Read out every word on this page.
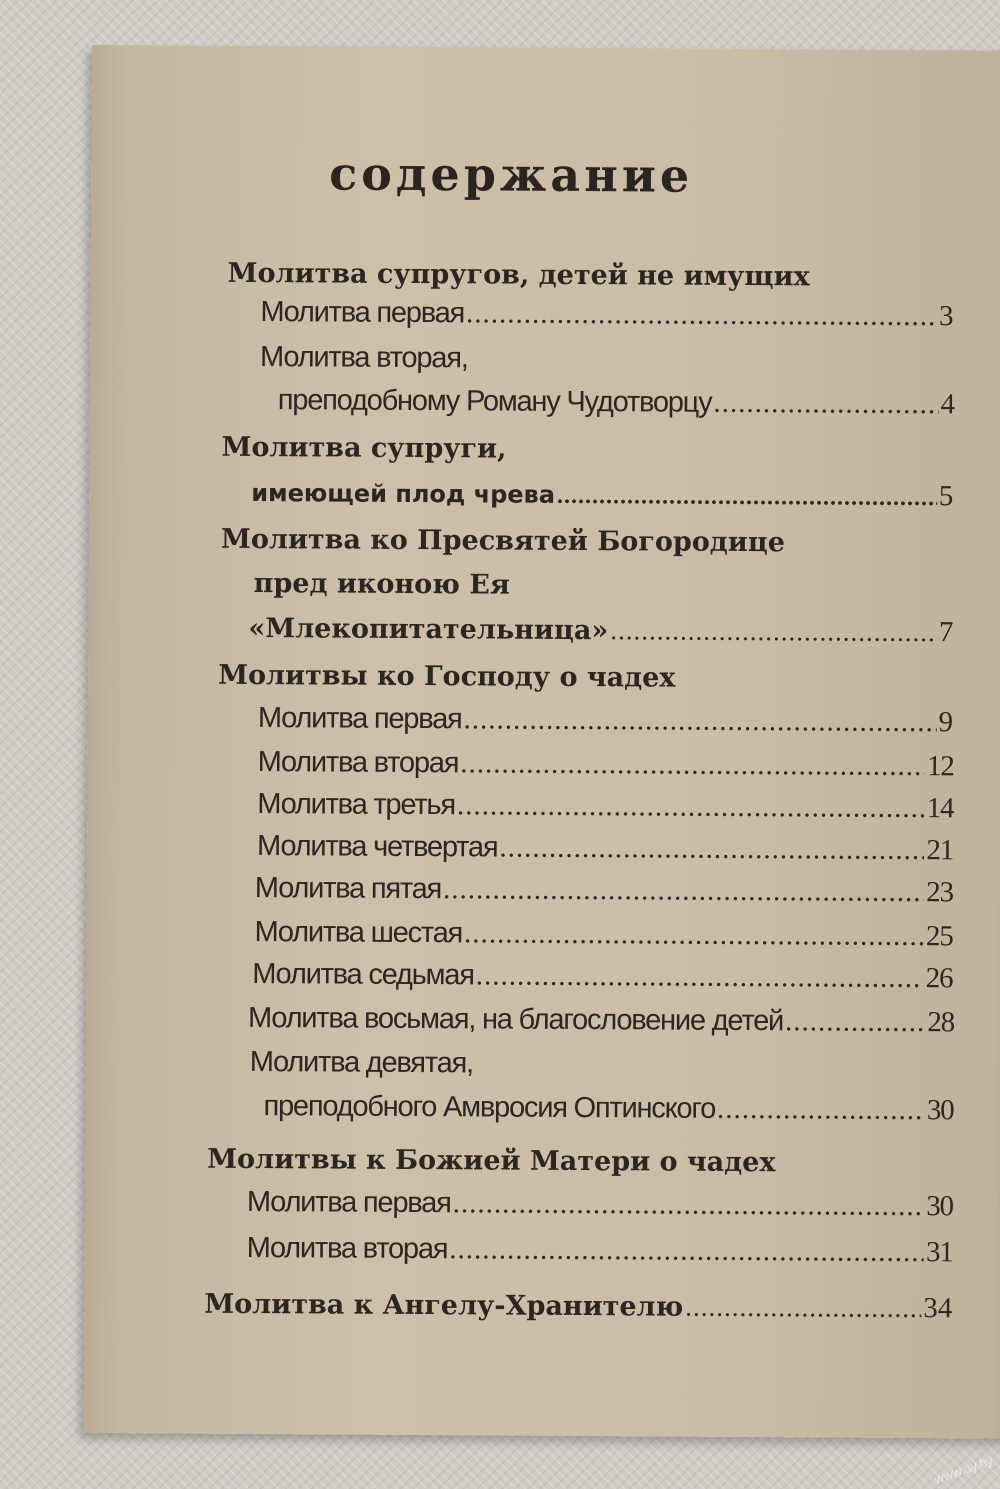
содержание
Молитва супругов, детей не имущих
Молитва первая .....	3
Молитва вторая,
преподобному Роману Чудотворцу .....	4
Молитва супруги,
имеющей плод чрева .....	5
Молитва ко Пресвятей Богородице
пред иконою Ея
«Млекопитательница» .....	7
Молитвы ко Господу о чадех
Молитва первая .....	9
Молитва вторая .....	12
Молитва третья .....	14
Молитва четвертая .....	21
Молитва пятая .....	23
Молитва шестая .....	25
Молитва седьмая .....	26
Молитва восьмая, на благословение детей .....	28
Молитва девятая,
преподобного Амвросия Оптинского .....	30
Молитвы к Божией Матери о чадех
Молитва первая .....	30
Молитва вторая .....	31
Молитва к Ангелу-Хранителю .....	34
www.ay.by
